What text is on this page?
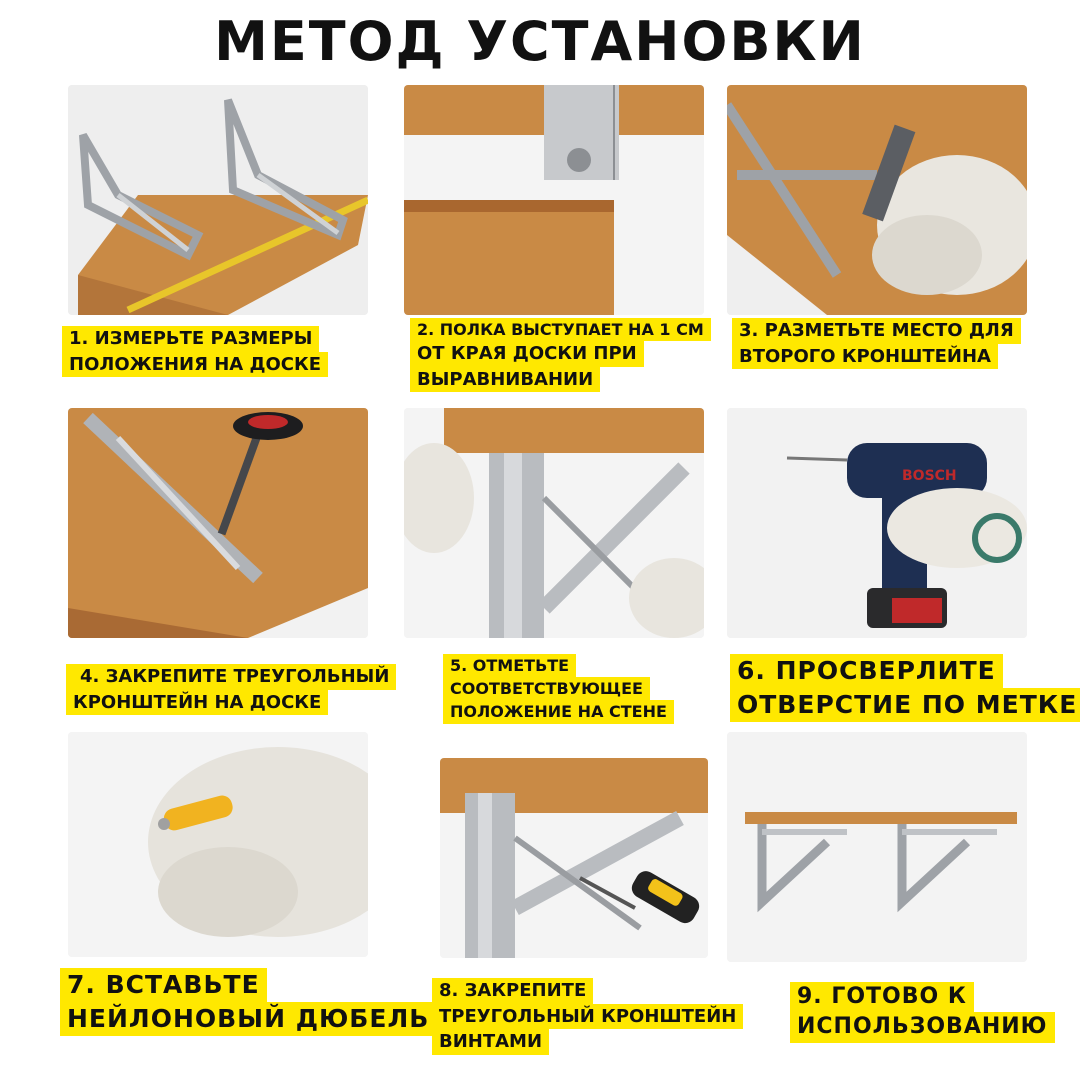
МЕТОД УСТАНОВКИ
1. ИЗМЕРЬТЕ РАЗМЕРЫ
ПОЛОЖЕНИЯ НА ДОСКЕ
2. ПОЛКА ВЫСТУПАЕТ НА 1 СМ
ОТ КРАЯ ДОСКИ ПРИ
ВЫРАВНИВАНИИ
3. РАЗМЕТЬТЕ МЕСТО ДЛЯ
ВТОРОГО КРОНШТЕЙНА
BOSCH
4. ЗАКРЕПИТЕ ТРЕУГОЛЬНЫЙ
КРОНШТЕЙН НА ДОСКЕ
5. ОТМЕТЬТЕ
СООТВЕТСТВУЮЩЕЕ
ПОЛОЖЕНИЕ НА СТЕНЕ
6. ПРОСВЕРЛИТЕ
ОТВЕРСТИЕ ПО МЕТКЕ
7. ВСТАВЬТЕ
НЕЙЛОНОВЫЙ ДЮБЕЛЬ
8. ЗАКРЕПИТЕ
ТРЕУГОЛЬНЫЙ КРОНШТЕЙН
ВИНТАМИ
9. ГОТОВО К
ИСПОЛЬЗОВАНИЮ
